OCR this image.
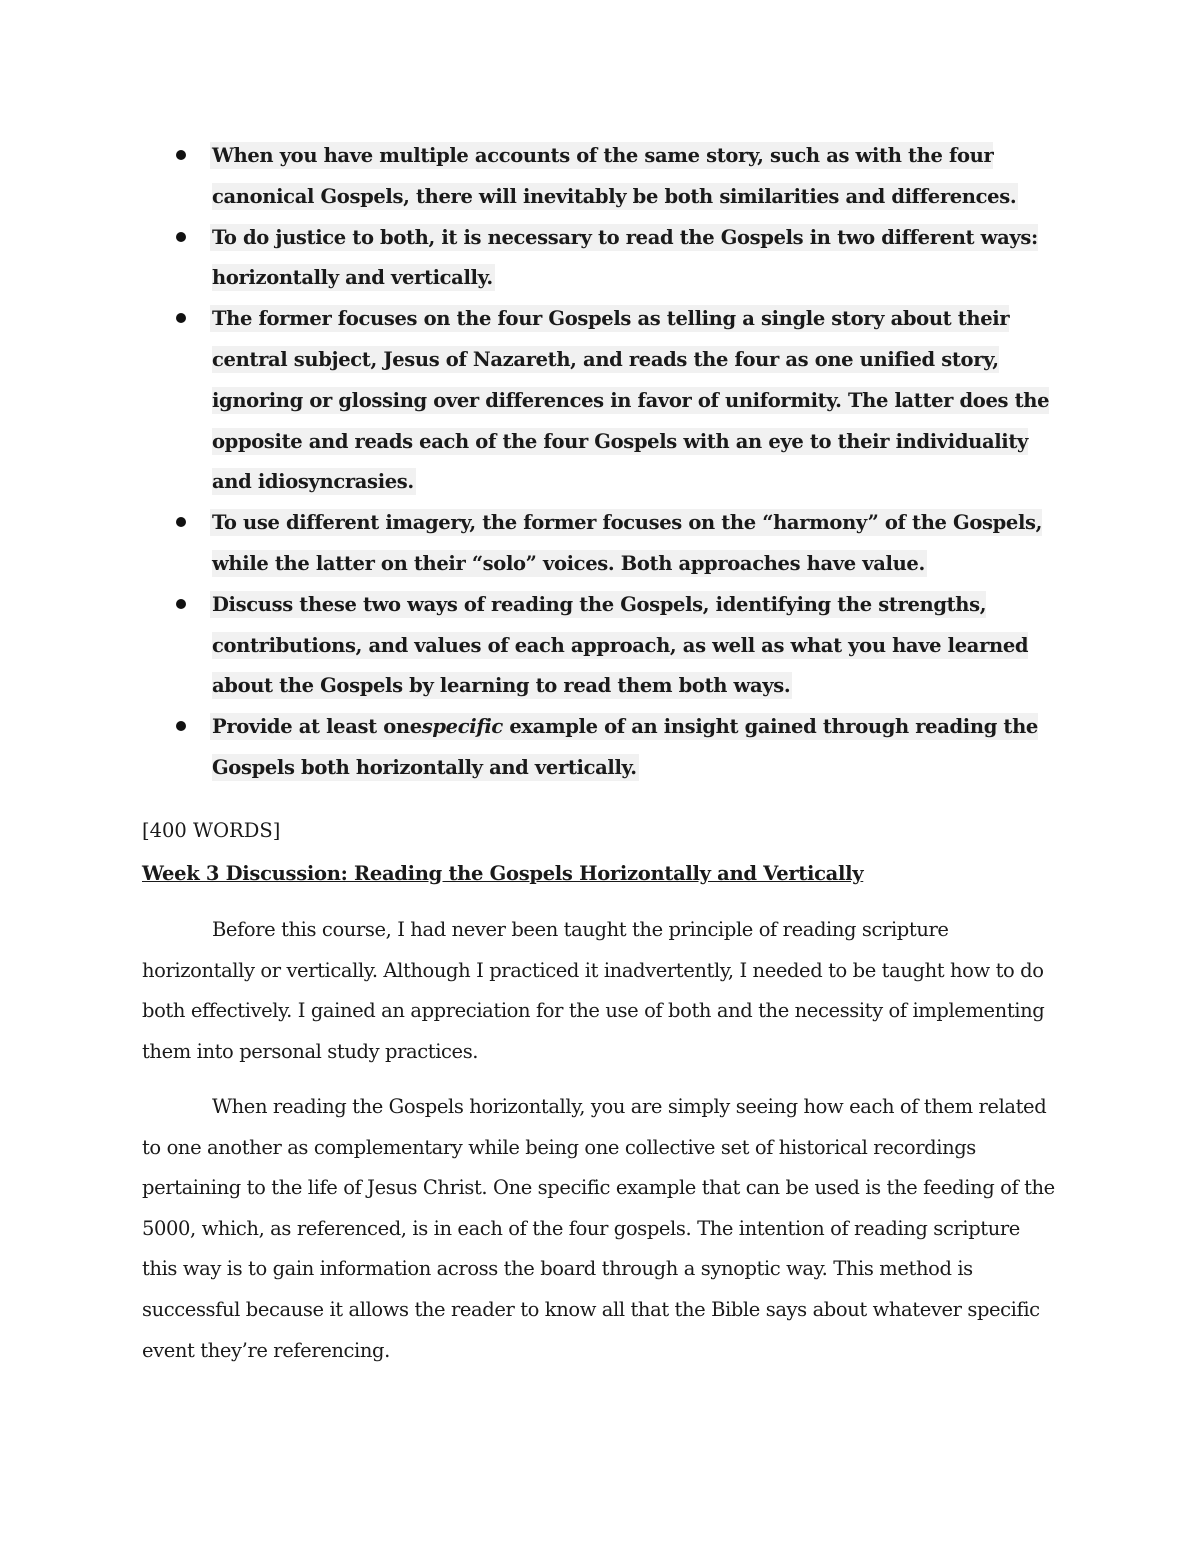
When you have multiple accounts of the same story, such as with the four canonical Gospels, there will inevitably be both similarities and differences.
To do justice to both, it is necessary to read the Gospels in two different ways: horizontally and vertically.
The former focuses on the four Gospels as telling a single story about their central subject, Jesus of Nazareth, and reads the four as one unified story, ignoring or glossing over differences in favor of uniformity. The latter does the opposite and reads each of the four Gospels with an eye to their individuality and idiosyncrasies.
To use different imagery, the former focuses on the “harmony” of the Gospels, while the latter on their “solo” voices. Both approaches have value.
Discuss these two ways of reading the Gospels, identifying the strengths, contributions, and values of each approach, as well as what you have learned about the Gospels by learning to read them both ways.
Provide at least onespecific example of an insight gained through reading the Gospels both horizontally and vertically.
[400 WORDS]
Week 3 Discussion: Reading the Gospels Horizontally and Vertically

Before this course, I had never been taught the principle of reading scripture horizontally or vertically. Although I practiced it inadvertently, I needed to be taught how to do both effectively. I gained an appreciation for the use of both and the necessity of implementing them into personal study practices.

When reading the Gospels horizontally, you are simply seeing how each of them related to one another as complementary while being one collective set of historical recordings pertaining to the life of Jesus Christ. One specific example that can be used is the feeding of the 5000, which, as referenced, is in each of the four gospels. The intention of reading scripture this way is to gain information across the board through a synoptic way. This method is successful because it allows the reader to know all that the Bible says about whatever specific event they’re referencing.
